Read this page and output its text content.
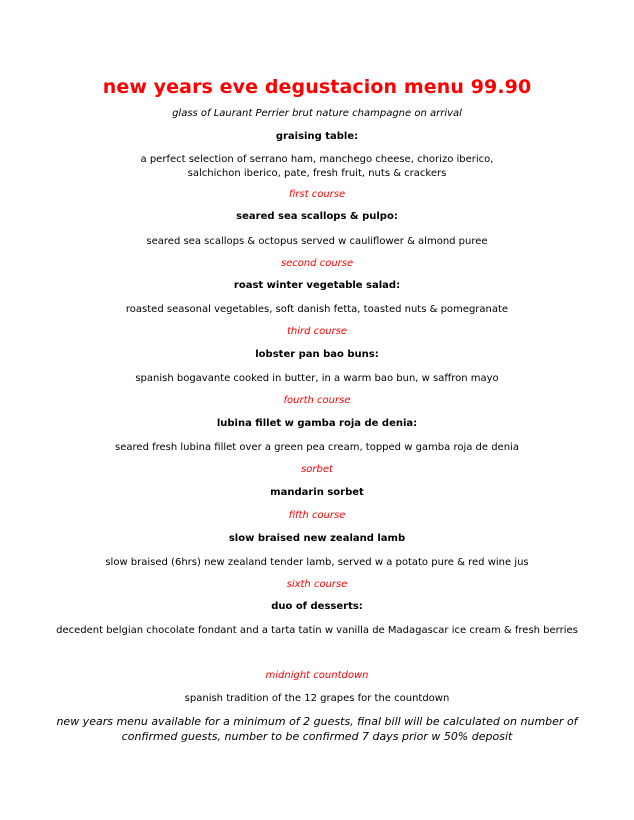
new years eve degustacion menu 99.90
glass of Laurant Perrier brut nature champagne on arrival
graising table:
a perfect selection of serrano ham, manchego cheese, chorizo iberico,
salchichon iberico, pate, fresh fruit, nuts & crackers
first course
seared sea scallops & pulpo:
seared sea scallops & octopus served w cauliflower & almond puree
second course
roast winter vegetable salad:
roasted seasonal vegetables, soft danish fetta, toasted nuts & pomegranate
third course
lobster pan bao buns:
spanish bogavante cooked in butter, in a warm bao bun, w saffron mayo
fourth course
lubina fillet w gamba roja de denia:
seared fresh lubina fillet over a green pea cream, topped w gamba roja de denia
sorbet
mandarin sorbet
fifth course
slow braised new zealand lamb
slow braised (6hrs) new zealand tender lamb, served w a potato pure & red wine jus
sixth course
duo of desserts:
decedent belgian chocolate fondant and a tarta tatin w vanilla de Madagascar ice cream & fresh berries
midnight countdown
spanish tradition of the 12 grapes for the countdown
new years menu available for a minimum of 2 guests, final bill will be calculated on number of
confirmed guests, number to be confirmed 7 days prior w 50% deposit
